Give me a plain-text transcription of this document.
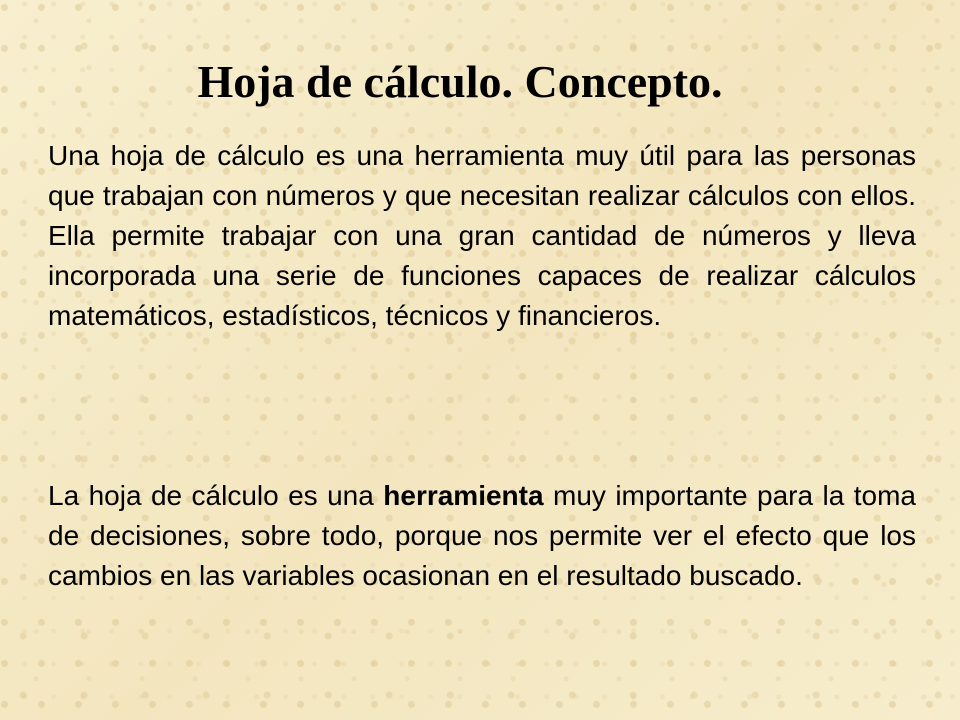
Hoja de cálculo. Concepto.

Una hoja de cálculo es una herramienta muy útil para las personas que trabajan con números y que necesitan realizar cálculos con ellos. Ella permite trabajar con una gran cantidad de números y lleva incorporada una serie de funciones capaces de realizar cálculos matemáticos, estadísticos, técnicos y financieros.

La hoja de cálculo es una herramienta muy importante para la toma de decisiones, sobre todo, porque nos permite ver el efecto que los cambios en las variables ocasionan en el resultado buscado.
